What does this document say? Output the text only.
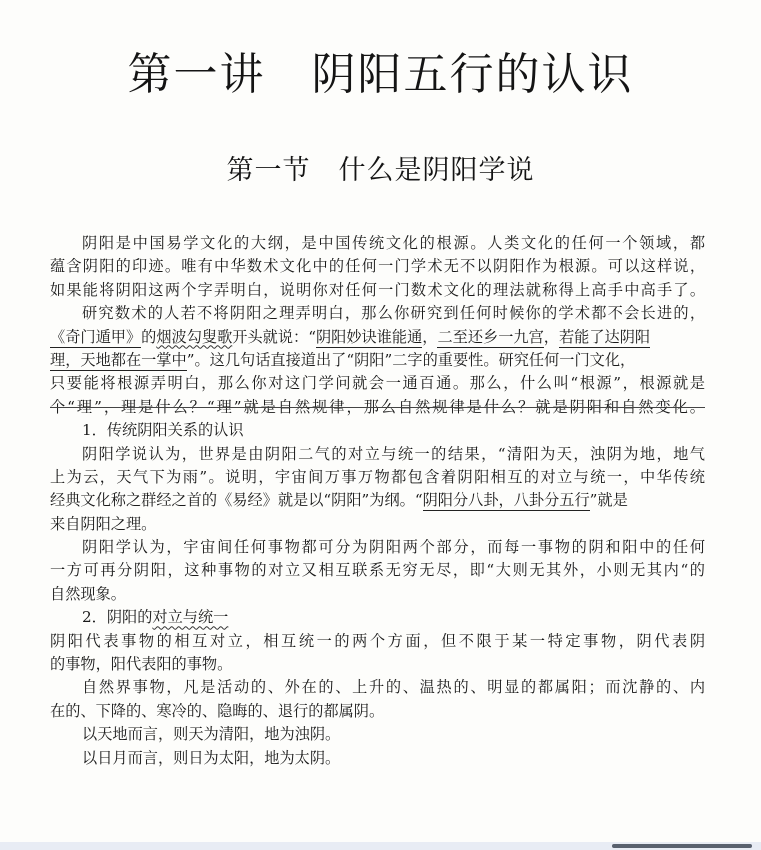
第一讲　阴阳五行的认识
第一节　什么是阴阳学说
阴阳是中国易学文化的大纲，是中国传统文化的根源。人类文化的任何一个领域，都
蕴含阴阳的印迹。唯有中华数术文化中的任何一门学术无不以阴阳作为根源。可以这样说，
如果能将阴阳这两个字弄明白，说明你对任何一门数术文化的理法就称得上高手中高手了。
研究数术的人若不将阴阳之理弄明白，那么你研究到任何时候你的学术都不会长进的，
《奇门遁甲》的烟波勾叟歌开头就说：“阴阳妙诀谁能通，二至还乡一九宫，若能了达阴阳
理，天地都在一掌中”。这几句话直接道出了“阴阳”二字的重要性。研究任何一门文化，
只要能将根源弄明白，那么你对这门学问就会一通百通。那么，什么叫“根源”，根源就是
个“理”，理是什么？“理”就是自然规律，那么自然规律是什么？就是阴阳和自然变化。
1．传统阴阳关系的认识
阴阳学说认为，世界是由阴阳二气的对立与统一的结果，“清阳为天，浊阴为地，地气
上为云，天气下为雨”。说明，宇宙间万事万物都包含着阴阳相互的对立与统一，中华传统
经典文化称之群经之首的《易经》就是以“阴阳”为纲。“阴阳分八卦，八卦分五行”就是
来自阴阳之理。
阴阳学认为，宇宙间任何事物都可分为阴阳两个部分，而每一事物的阴和阳中的任何
一方可再分阴阳，这种事物的对立又相互联系无穷无尽，即“大则无其外，小则无其内“的
自然现象。
2．阴阳的对立与统一
阴阳代表事物的相互对立，相互统一的两个方面，但不限于某一特定事物，阴代表阴
的事物，阳代表阳的事物。
自然界事物，凡是活动的、外在的、上升的、温热的、明显的都属阳；而沈静的、内
在的、下降的、寒冷的、隐晦的、退行的都属阴。
以天地而言，则天为清阳，地为浊阴。
以日月而言，则日为太阳，地为太阴。
